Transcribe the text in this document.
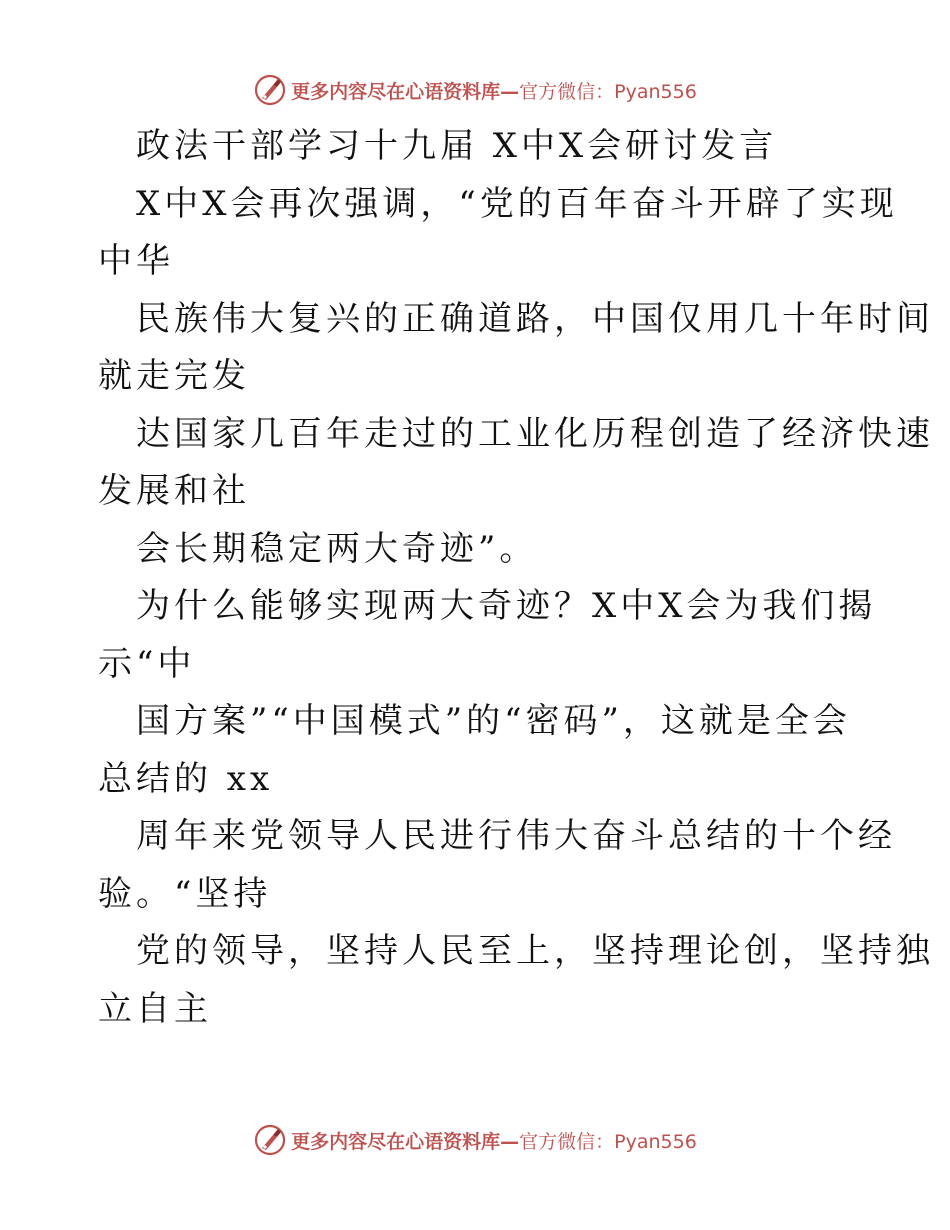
更多内容尽在心语资料库—官方微信：Pyan556
政法干部学习十九届 X中X会研讨发言
X中X会再次强调，“党的百年奋斗开辟了实现
中华
民族伟大复兴的正确道路，中国仅用几十年时间
就走完发
达国家几百年走过的工业化历程创造了经济快速
发展和社
会长期稳定两大奇迹”。
为什么能够实现两大奇迹？X中X会为我们揭
示“中
国方案”“中国模式”的“密码”，这就是全会
总结的 xx
周年来党领导人民进行伟大奋斗总结的十个经
验。“坚持
党的领导，坚持人民至上，坚持理论创，坚持独
立自主
更多内容尽在心语资料库—官方微信：Pyan556
